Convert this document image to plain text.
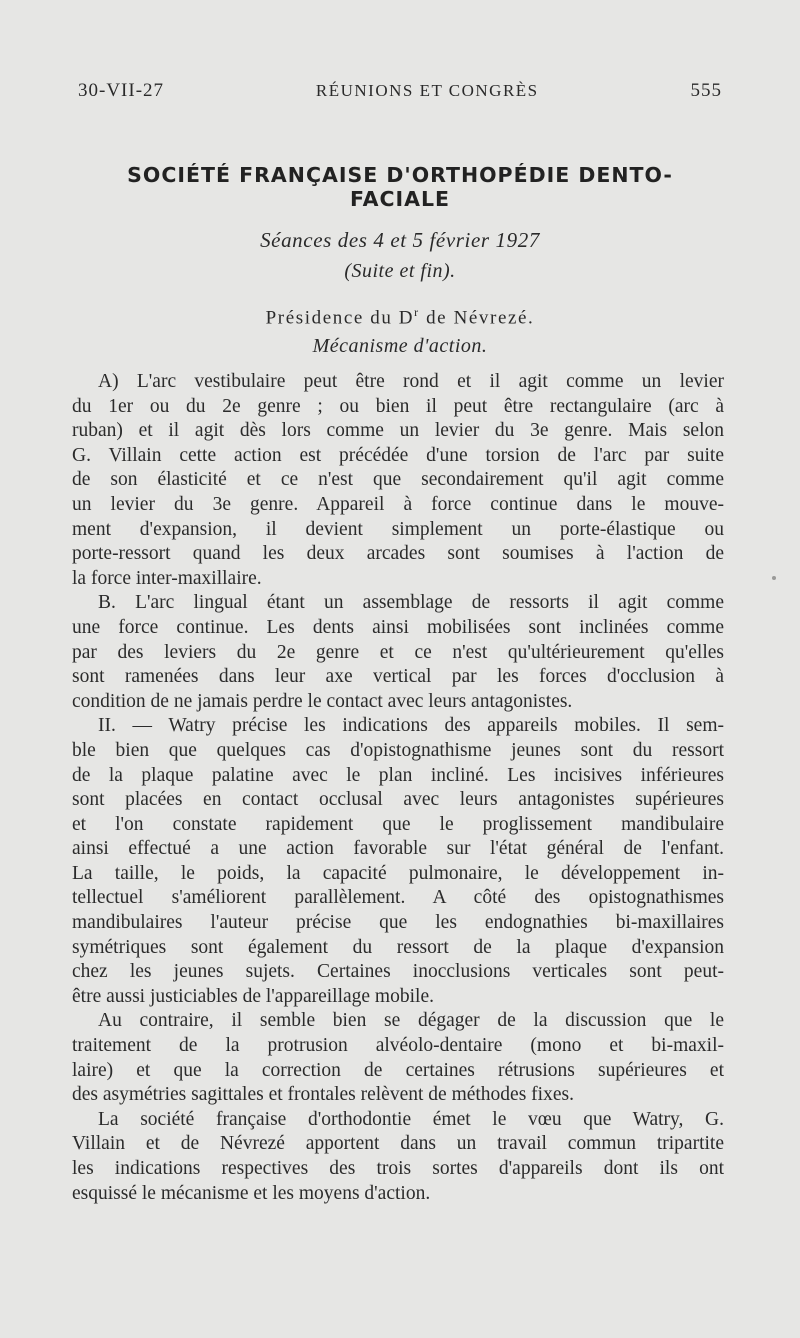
30-VII-27	RÉUNIONS ET CONGRÈS	555
SOCIÉTÉ FRANÇAISE D'ORTHOPÉDIE DENTO-
FACIALE
Séances des 4 et 5 février 1927
(Suite et fin).
Présidence du $D^r$ de Névrezé.
Mécanisme d'action.
A) L'arc vestibulaire peut être rond et il agit comme un levier
du 1er ou du 2e genre ; ou bien il peut être rectangulaire (arc à
ruban) et il agit dès lors comme un levier du 3e genre. Mais selon
G. Villain cette action est précédée d'une torsion de l'arc par suite
de son élasticité et ce n'est que secondairement qu'il agit comme
un levier du 3e genre. Appareil à force continue dans le mouve-
ment d'expansion, il devient simplement un porte-élastique ou
porte-ressort quand les deux arcades sont soumises à l'action de
la force inter-maxillaire.
B. L'arc lingual étant un assemblage de ressorts il agit comme
une force continue. Les dents ainsi mobilisées sont inclinées comme
par des leviers du 2e genre et ce n'est qu'ultérieurement qu'elles
sont ramenées dans leur axe vertical par les forces d'occlusion à
condition de ne jamais perdre le contact avec leurs antagonistes.
II. — Watry précise les indications des appareils mobiles. Il sem-
ble bien que quelques cas d'opistognathisme jeunes sont du ressort
de la plaque palatine avec le plan incliné. Les incisives inférieures
sont placées en contact occlusal avec leurs antagonistes supérieures
et l'on constate rapidement que le proglissement mandibulaire
ainsi effectué a une action favorable sur l'état général de l'enfant.
La taille, le poids, la capacité pulmonaire, le développement in-
tellectuel s'améliorent parallèlement. A côté des opistognathismes
mandibulaires l'auteur précise que les endognathies bi-maxillaires
symétriques sont également du ressort de la plaque d'expansion
chez les jeunes sujets. Certaines inocclusions verticales sont peut-
être aussi justiciables de l'appareillage mobile.
Au contraire, il semble bien se dégager de la discussion que le
traitement de la protrusion alvéolo-dentaire (mono et bi-maxil-
laire) et que la correction de certaines rétrusions supérieures et
des asymétries sagittales et frontales relèvent de méthodes fixes.
La société française d'orthodontie émet le vœu que Watry, G.
Villain et de Névrezé apportent dans un travail commun tripartite
les indications respectives des trois sortes d'appareils dont ils ont
esquissé le mécanisme et les moyens d'action.
